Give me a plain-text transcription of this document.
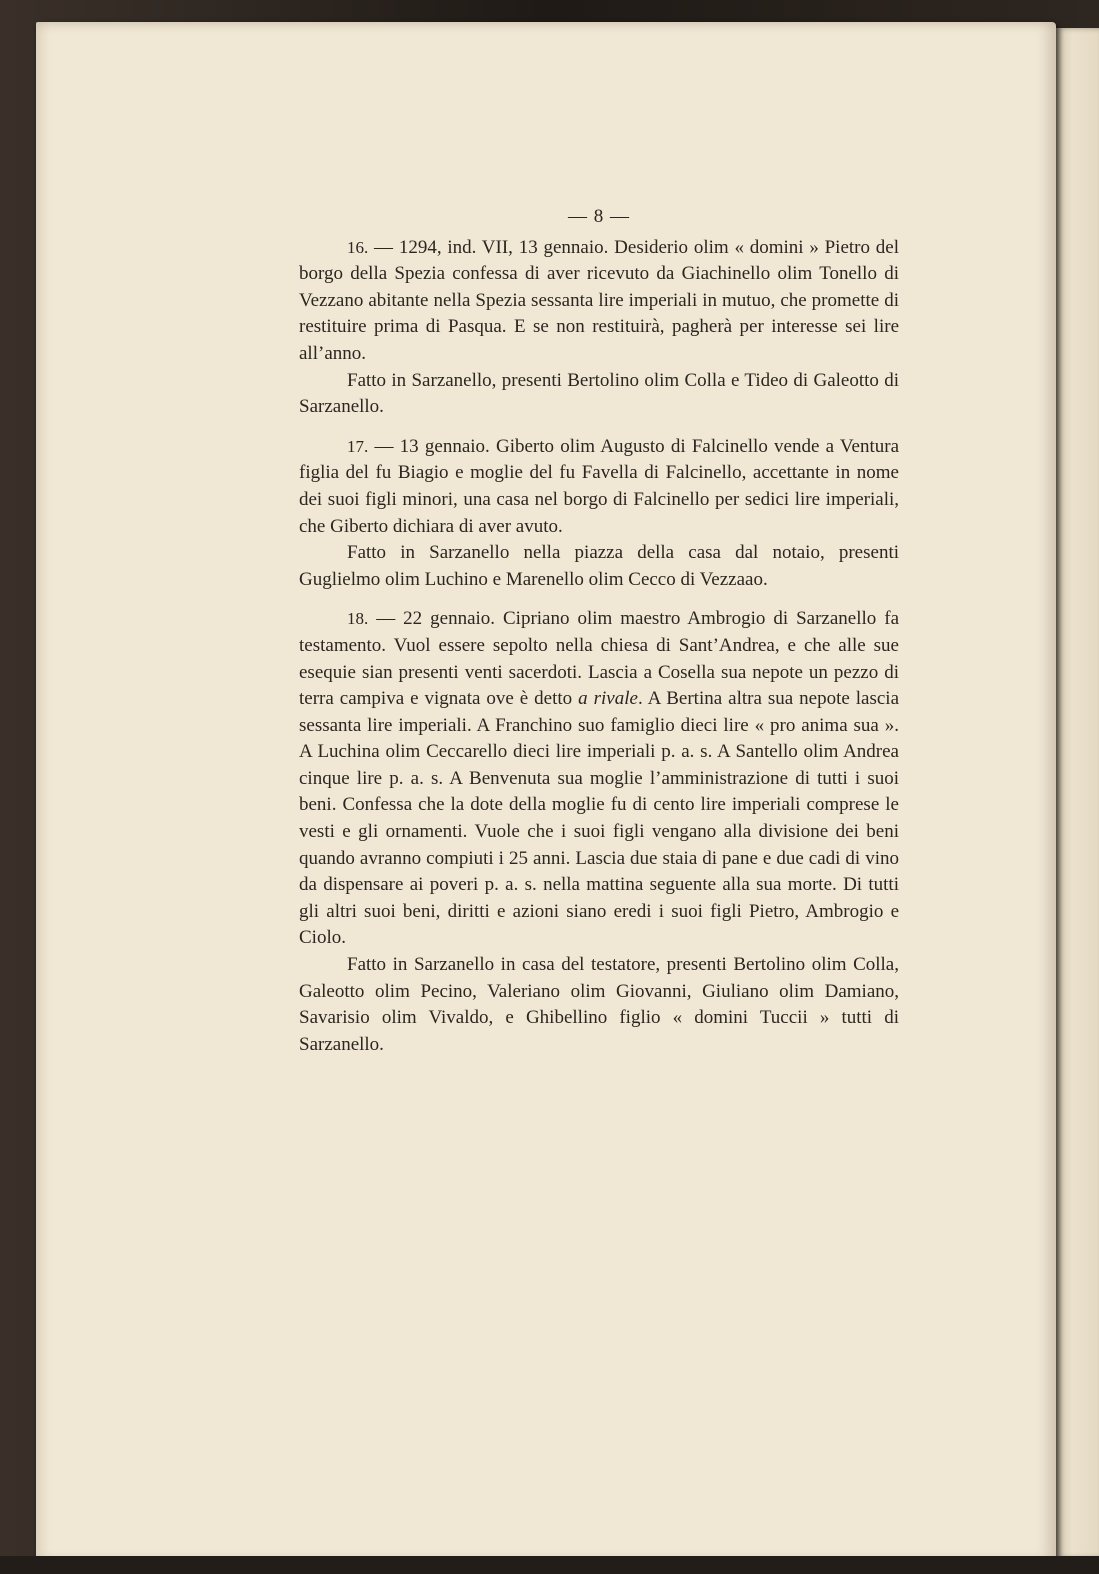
— 8 —

16. — 1294, ind. VII, 13 gennaio. Desiderio olim « domini » Pietro del borgo della Spezia confessa di aver ricevuto da Giachinello olim Tonello di Vezzano abitante nella Spezia sessanta lire imperiali in mutuo, che promette di restituire prima di Pasqua. E se non restituirà, pagherà per interesse sei lire all’anno.

Fatto in Sarzanello, presenti Bertolino olim Colla e Tideo di Galeotto di Sarzanello.

17. — 13 gennaio. Giberto olim Augusto di Falcinello vende a Ventura figlia del fu Biagio e moglie del fu Favella di Falcinello, accettante in nome dei suoi figli minori, una casa nel borgo di Falcinello per sedici lire imperiali, che Giberto dichiara di aver avuto.

Fatto in Sarzanello nella piazza della casa dal notaio, presenti Guglielmo olim Luchino e Marenello olim Cecco di Vezzaao.

18. — 22 gennaio. Cipriano olim maestro Ambrogio di Sarzanello fa testamento. Vuol essere sepolto nella chiesa di Sant’Andrea, e che alle sue esequie sian presenti venti sacerdoti. Lascia a Cosella sua nepote un pezzo di terra campiva e vignata ove è detto a rivale. A Bertina altra sua nepote lascia sessanta lire imperiali. A Franchino suo famiglio dieci lire « pro anima sua ». A Luchina olim Ceccarello dieci lire imperiali p. a. s. A Santello olim Andrea cinque lire p. a. s. A Benvenuta sua moglie l’amministrazione di tutti i suoi beni. Confessa che la dote della moglie fu di cento lire imperiali comprese le vesti e gli ornamenti. Vuole che i suoi figli vengano alla divisione dei beni quando avranno compiuti i 25 anni. Lascia due staia di pane e due cadi di vino da dispensare ai poveri p. a. s. nella mattina seguente alla sua morte. Di tutti gli altri suoi beni, diritti e azioni siano eredi i suoi figli Pietro, Ambrogio e Ciolo.

Fatto in Sarzanello in casa del testatore, presenti Bertolino olim Colla, Galeotto olim Pecino, Valeriano olim Giovanni, Giuliano olim Damiano, Savarisio olim Vivaldo, e Ghibellino figlio « domini Tuccii » tutti di Sarzanello.
